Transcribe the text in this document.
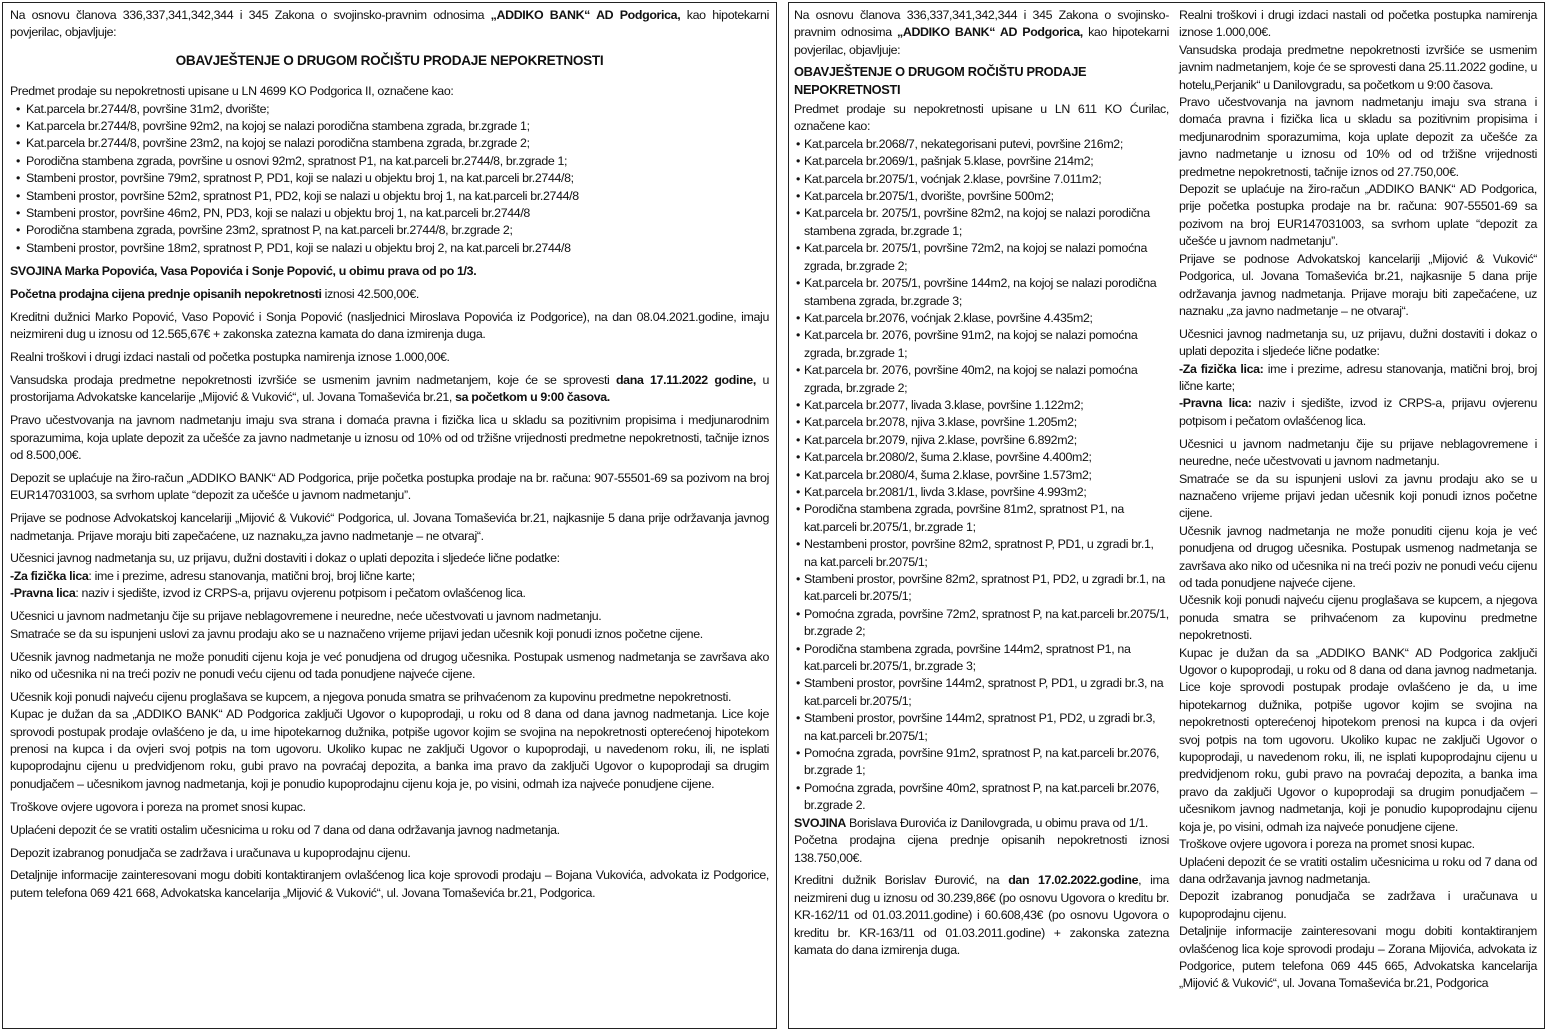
Na osnovu članova 336,337,341,342,344 i 345 Zakona o svojinsko-pravnim odnosima „ADDIKO BANK“ AD Podgorica, kao hipotekarni povjerilac, objavljuje:

OBAVJEŠTENJE O DRUGOM ROČIŠTU PRODAJE NEPOKRETNOSTI

Predmet prodaje su nepokretnosti upisane u LN 4699 KO Podgorica II, označene kao:

• Kat.parcela br.2744/8, površine 31m2, dvorište;
• Kat.parcela br.2744/8, površine 92m2, na kojoj se nalazi porodična stambena zgrada, br.zgrade 1;
• Kat.parcela br.2744/8, površine 23m2, na kojoj se nalazi porodična stambena zgrada, br.zgrade 2;
• Porodična stambena zgrada, površine u osnovi 92m2, spratnost P1, na kat.parceli br.2744/8, br.zgrade 1;
• Stambeni prostor, površine 79m2, spratnost P, PD1, koji se nalazi u objektu broj 1, na kat.parceli br.2744/8;
• Stambeni prostor, površine 52m2, spratnost P1, PD2, koji se nalazi u objektu broj 1, na kat.parceli br.2744/8
• Stambeni prostor, površine 46m2, PN, PD3, koji se nalazi u objektu broj 1, na kat.parceli br.2744/8
• Porodična stambena zgrada, površine 23m2, spratnost P, na kat.parceli br.2744/8, br.zgrade 2;
• Stambeni prostor, površine 18m2, spratnost P, PD1, koji se nalazi u objektu broj 2, na kat.parceli br.2744/8

SVOJINA Marka Popovića, Vasa Popovića i Sonje Popović, u obimu prava od po 1/3.

Početna prodajna cijena prednje opisanih nepokretnosti iznosi 42.500,00€.

Kreditni dužnici Marko Popović, Vaso Popović i Sonja Popović (nasljednici Miroslava Popovića iz Podgorice), na dan 08.04.2021.godine, imaju neizmireni dug u iznosu od 12.565,67€ + zakonska zatezna kamata do dana izmirenja duga.

Realni troškovi i drugi izdaci nastali od početka postupka namirenja iznose 1.000,00€.

Vansudska prodaja predmetne nepokretnosti izvršiće se usmenim javnim nadmetanjem, koje će se sprovesti dana 17.11.2022 godine, u prostorijama Advokatske kancelarije „Mijović & Vuković“, ul. Jovana Tomaševića br.21, sa početkom u 9:00 časova.

Pravo učestvovanja na javnom nadmetanju imaju sva strana i domaća pravna i fizička lica u skladu sa pozitivnim propisima i medjunarodnim sporazumima, koja uplate depozit za učešće za javno nadmetanje u iznosu od 10% od od tržišne vrijednosti predmetne nepokretnosti, tačnije iznos od 8.500,00€.

Depozit se uplaćuje na žiro-račun „ADDIKO BANK“ AD Podgorica, prije početka postupka prodaje na br. računa: 907-55501-69 sa pozivom na broj EUR147031003, sa svrhom uplate “depozit za učešće u javnom nadmetanju”.

Prijave se podnose Advokatskoj kancelariji „Mijović & Vuković“ Podgorica, ul. Jovana Tomaševića br.21, najkasnije 5 dana prije održavanja javnog nadmetanja. Prijave moraju biti zapečaćene, uz naznaku„za javno nadmetanje – ne otvaraj“.

Učesnici javnog nadmetanja su, uz prijavu, dužni dostaviti i dokaz o uplati depozita i sljedeće lične podatke:

-Za fizička lica: ime i prezime, adresu stanovanja, matični broj, broj lične karte;

-Pravna lica: naziv i sjedište, izvod iz CRPS-a, prijavu ovjerenu potpisom i pečatom ovlašćenog lica.

Učesnici u javnom nadmetanju čije su prijave neblagovremene i neuredne, neće učestvovati u javnom nadmetanju.

Smatraće se da su ispunjeni uslovi za javnu prodaju ako se u naznačeno vrijeme prijavi jedan učesnik koji ponudi iznos početne cijene.

Učesnik javnog nadmetanja ne može ponuditi cijenu koja je već ponudjena od drugog učesnika. Postupak usmenog nadmetanja se završava ako niko od učesnika ni na treći poziv ne ponudi veću cijenu od tada ponudjene najveće cijene.

Učesnik koji ponudi najveću cijenu proglašava se kupcem, a njegova ponuda smatra se prihvaćenom za kupovinu predmetne nepokretnosti.

Kupac je dužan da sa „ADDIKO BANK“ AD Podgorica zaključi Ugovor o kupoprodaji, u roku od 8 dana od dana javnog nadmetanja. Lice koje sprovodi postupak prodaje ovlašćeno je da, u ime hipotekarnog dužnika, potpiše ugovor kojim se svojina na nepokretnosti opterećenoj hipotekom prenosi na kupca i da ovjeri svoj potpis na tom ugovoru. Ukoliko kupac ne zaključi Ugovor o kupoprodaji, u navedenom roku, ili, ne isplati kupoprodajnu cijenu u predvidjenom roku, gubi pravo na povraćaj depozita, a banka ima pravo da zaključi Ugovor o kupoprodaji sa drugim ponudjačem – učesnikom javnog nadmetanja, koji je ponudio kupoprodajnu cijenu koja je, po visini, odmah iza najveće ponudjene cijene.

Troškove ovjere ugovora i poreza na promet snosi kupac.

Uplaćeni depozit će se vratiti ostalim učesnicima u roku od 7 dana od dana održavanja javnog nadmetanja.

Depozit izabranog ponudjača se zadržava i uračunava u kupoprodajnu cijenu.

Detaljnije informacije zainteresovani mogu dobiti kontaktiranjem ovlašćenog lica koje sprovodi prodaju – Bojana Vukovića, advokata iz Podgorice, putem telefona 069 421 668, Advokatska kancelarija „Mijović & Vuković“, ul. Jovana Tomaševića br.21, Podgorica.

Na osnovu članova 336,337,341,342,344 i 345 Zakona o svojinsko-pravnim odnosima „ADDIKO BANK“ AD Podgorica, kao hipotekarni povjerilac, objavljuje:

OBAVJEŠTENJE O DRUGOM ROČIŠTU PRODAJE NEPOKRETNOSTI

Predmet prodaje su nepokretnosti upisane u LN 611 KO Ćurilac, označene kao:

• Kat.parcela br.2068/7, nekategorisani putevi, površine 216m2;
• Kat.parcela br.2069/1, pašnjak 5.klase, površine 214m2;
• Kat.parcela br.2075/1, voćnjak 2.klase, površine 7.011m2;
• Kat.parcela br.2075/1, dvorište, površine 500m2;
• Kat.parcela br. 2075/1, površine 82m2, na kojoj se nalazi porodična stambena zgrada, br.zgrade 1;
• Kat.parcela br. 2075/1, površine 72m2, na kojoj se nalazi pomoćna zgrada, br.zgrade 2;
• Kat.parcela br. 2075/1, površine 144m2, na kojoj se nalazi porodična stambena zgrada, br.zgrade 3;
• Kat.parcela br.2076, voćnjak 2.klase, površine 4.435m2;
• Kat.parcela br. 2076, površine 91m2, na kojoj se nalazi pomoćna zgrada, br.zgrade 1;
• Kat.parcela br. 2076, površine 40m2, na kojoj se nalazi pomoćna zgrada, br.zgrade 2;
• Kat.parcela br.2077, livada 3.klase, površine 1.122m2;
• Kat.parcela br.2078, njiva 3.klase, površine 1.205m2;
• Kat.parcela br.2079, njiva 2.klase, površine 6.892m2;
• Kat.parcela br.2080/2, šuma 2.klase, površine 4.400m2;
• Kat.parcela br.2080/4, šuma 2.klase, površine 1.573m2;
• Kat.parcela br.2081/1, livda 3.klase, površine 4.993m2;
• Porodična stambena zgrada, površine 81m2, spratnost P1, na kat.parceli br.2075/1, br.zgrade 1;
• Nestambeni prostor, površine 82m2, spratnost P, PD1, u zgradi br.1, na kat.parceli br.2075/1;
• Stambeni prostor, površine 82m2, spratnost P1, PD2, u zgradi br.1, na kat.parceli br.2075/1;
• Pomoćna zgrada, površine 72m2, spratnost P, na kat.parceli br.2075/1, br.zgrade 2;
• Porodična stambena zgrada, površine 144m2, spratnost P1, na kat.parceli br.2075/1, br.zgrade 3;
• Stambeni prostor, površine 144m2, spratnost P, PD1, u zgradi br.3, na kat.parceli br.2075/1;
• Stambeni prostor, površine 144m2, spratnost P1, PD2, u zgradi br.3, na kat.parceli br.2075/1;
• Pomoćna zgrada, površine 91m2, spratnost P, na kat.parceli br.2076, br.zgrade 1;
• Pomoćna zgrada, površine 40m2, spratnost P, na kat.parceli br.2076, br.zgrade 2.

SVOJINA Borislava Ðurovića iz Danilovgrada, u obimu prava od 1/1.

Početna prodajna cijena prednje opisanih nepokretnosti iznosi 138.750,00€.

Kreditni dužnik Borislav Ðurović, na dan 17.02.2022.godine, ima neizmireni dug u iznosu od 30.239,86€ (po osnovu Ugovora o kreditu br. KR-162/11 od 01.03.2011.godine) i 60.608,43€ (po osnovu Ugovora o kreditu br. KR-163/11 od 01.03.2011.godine) + zakonska zatezna kamata do dana izmirenja duga.

Realni troškovi i drugi izdaci nastali od početka postupka namirenja iznose 1.000,00€.

Vansudska prodaja predmetne nepokretnosti izvršiće se usmenim javnim nadmetanjem, koje će se sprovesti dana 25.11.2022 godine, u hotelu„Perjanik“ u Danilovgradu, sa početkom u 9:00 časova.

Pravo učestvovanja na javnom nadmetanju imaju sva strana i domaća pravna i fizička lica u skladu sa pozitivnim propisima i medjunarodnim sporazumima, koja uplate depozit za učešće za javno nadmetanje u iznosu od 10% od od tržišne vrijednosti predmetne nepokretnosti, tačnije iznos od 27.750,00€.

Depozit se uplaćuje na žiro-račun „ADDIKO BANK“ AD Podgorica, prije početka postupka prodaje na br. računa: 907-55501-69 sa pozivom na broj EUR147031003, sa svrhom uplate “depozit za učešće u javnom nadmetanju”.

Prijave se podnose Advokatskoj kancelariji „Mijović & Vuković“ Podgorica, ul. Jovana Tomaševića br.21, najkasnije 5 dana prije održavanja javnog nadmetanja. Prijave moraju biti zapečaćene, uz naznaku „za javno nadmetanje – ne otvaraj“.

Učesnici javnog nadmetanja su, uz prijavu, dužni dostaviti i dokaz o uplati depozita i sljedeće lične podatke:

-Za fizička lica: ime i prezime, adresu stanovanja, matični broj, broj lične karte;

-Pravna lica: naziv i sjedište, izvod iz CRPS-a, prijavu ovjerenu potpisom i pečatom ovlašćenog lica.

Učesnici u javnom nadmetanju čije su prijave neblagovremene i neuredne, neće učestvovati u javnom nadmetanju.

Smatraće se da su ispunjeni uslovi za javnu prodaju ako se u naznačeno vrijeme prijavi jedan učesnik koji ponudi iznos početne cijene.

Učesnik javnog nadmetanja ne može ponuditi cijenu koja je već ponudjena od drugog učesnika. Postupak usmenog nadmetanja se završava ako niko od učesnika ni na treći poziv ne ponudi veću cijenu od tada ponudjene najveće cijene.

Učesnik koji ponudi najveću cijenu proglašava se kupcem, a njegova ponuda smatra se prihvaćenom za kupovinu predmetne nepokretnosti.

Kupac je dužan da sa „ADDIKO BANK“ AD Podgorica zaključi Ugovor o kupoprodaji, u roku od 8 dana od dana javnog nadmetanja. Lice koje sprovodi postupak prodaje ovlašćeno je da, u ime hipotekarnog dužnika, potpiše ugovor kojim se svojina na nepokretnosti opterećenoj hipotekom prenosi na kupca i da ovjeri svoj potpis na tom ugovoru. Ukoliko kupac ne zaključi Ugovor o kupoprodaji, u navedenom roku, ili, ne isplati kupoprodajnu cijenu u predvidjenom roku, gubi pravo na povraćaj depozita, a banka ima pravo da zaključi Ugovor o kupoprodaji sa drugim ponudjačem – učesnikom javnog nadmetanja, koji je ponudio kupoprodajnu cijenu koja je, po visini, odmah iza najveće ponudjene cijene.

Troškove ovjere ugovora i poreza na promet snosi kupac.

Uplaćeni depozit će se vratiti ostalim učesnicima u roku od 7 dana od dana održavanja javnog nadmetanja.

Depozit izabranog ponudjača se zadržava i uračunava u kupoprodajnu cijenu.

Detaljnije informacije zainteresovani mogu dobiti kontaktiranjem ovlašćenog lica koje sprovodi prodaju – Zorana Mijovića, advokata iz Podgorice, putem telefona 069 445 665, Advokatska kancelarija „Mijović & Vuković“, ul. Jovana Tomaševića br.21, Podgorica
